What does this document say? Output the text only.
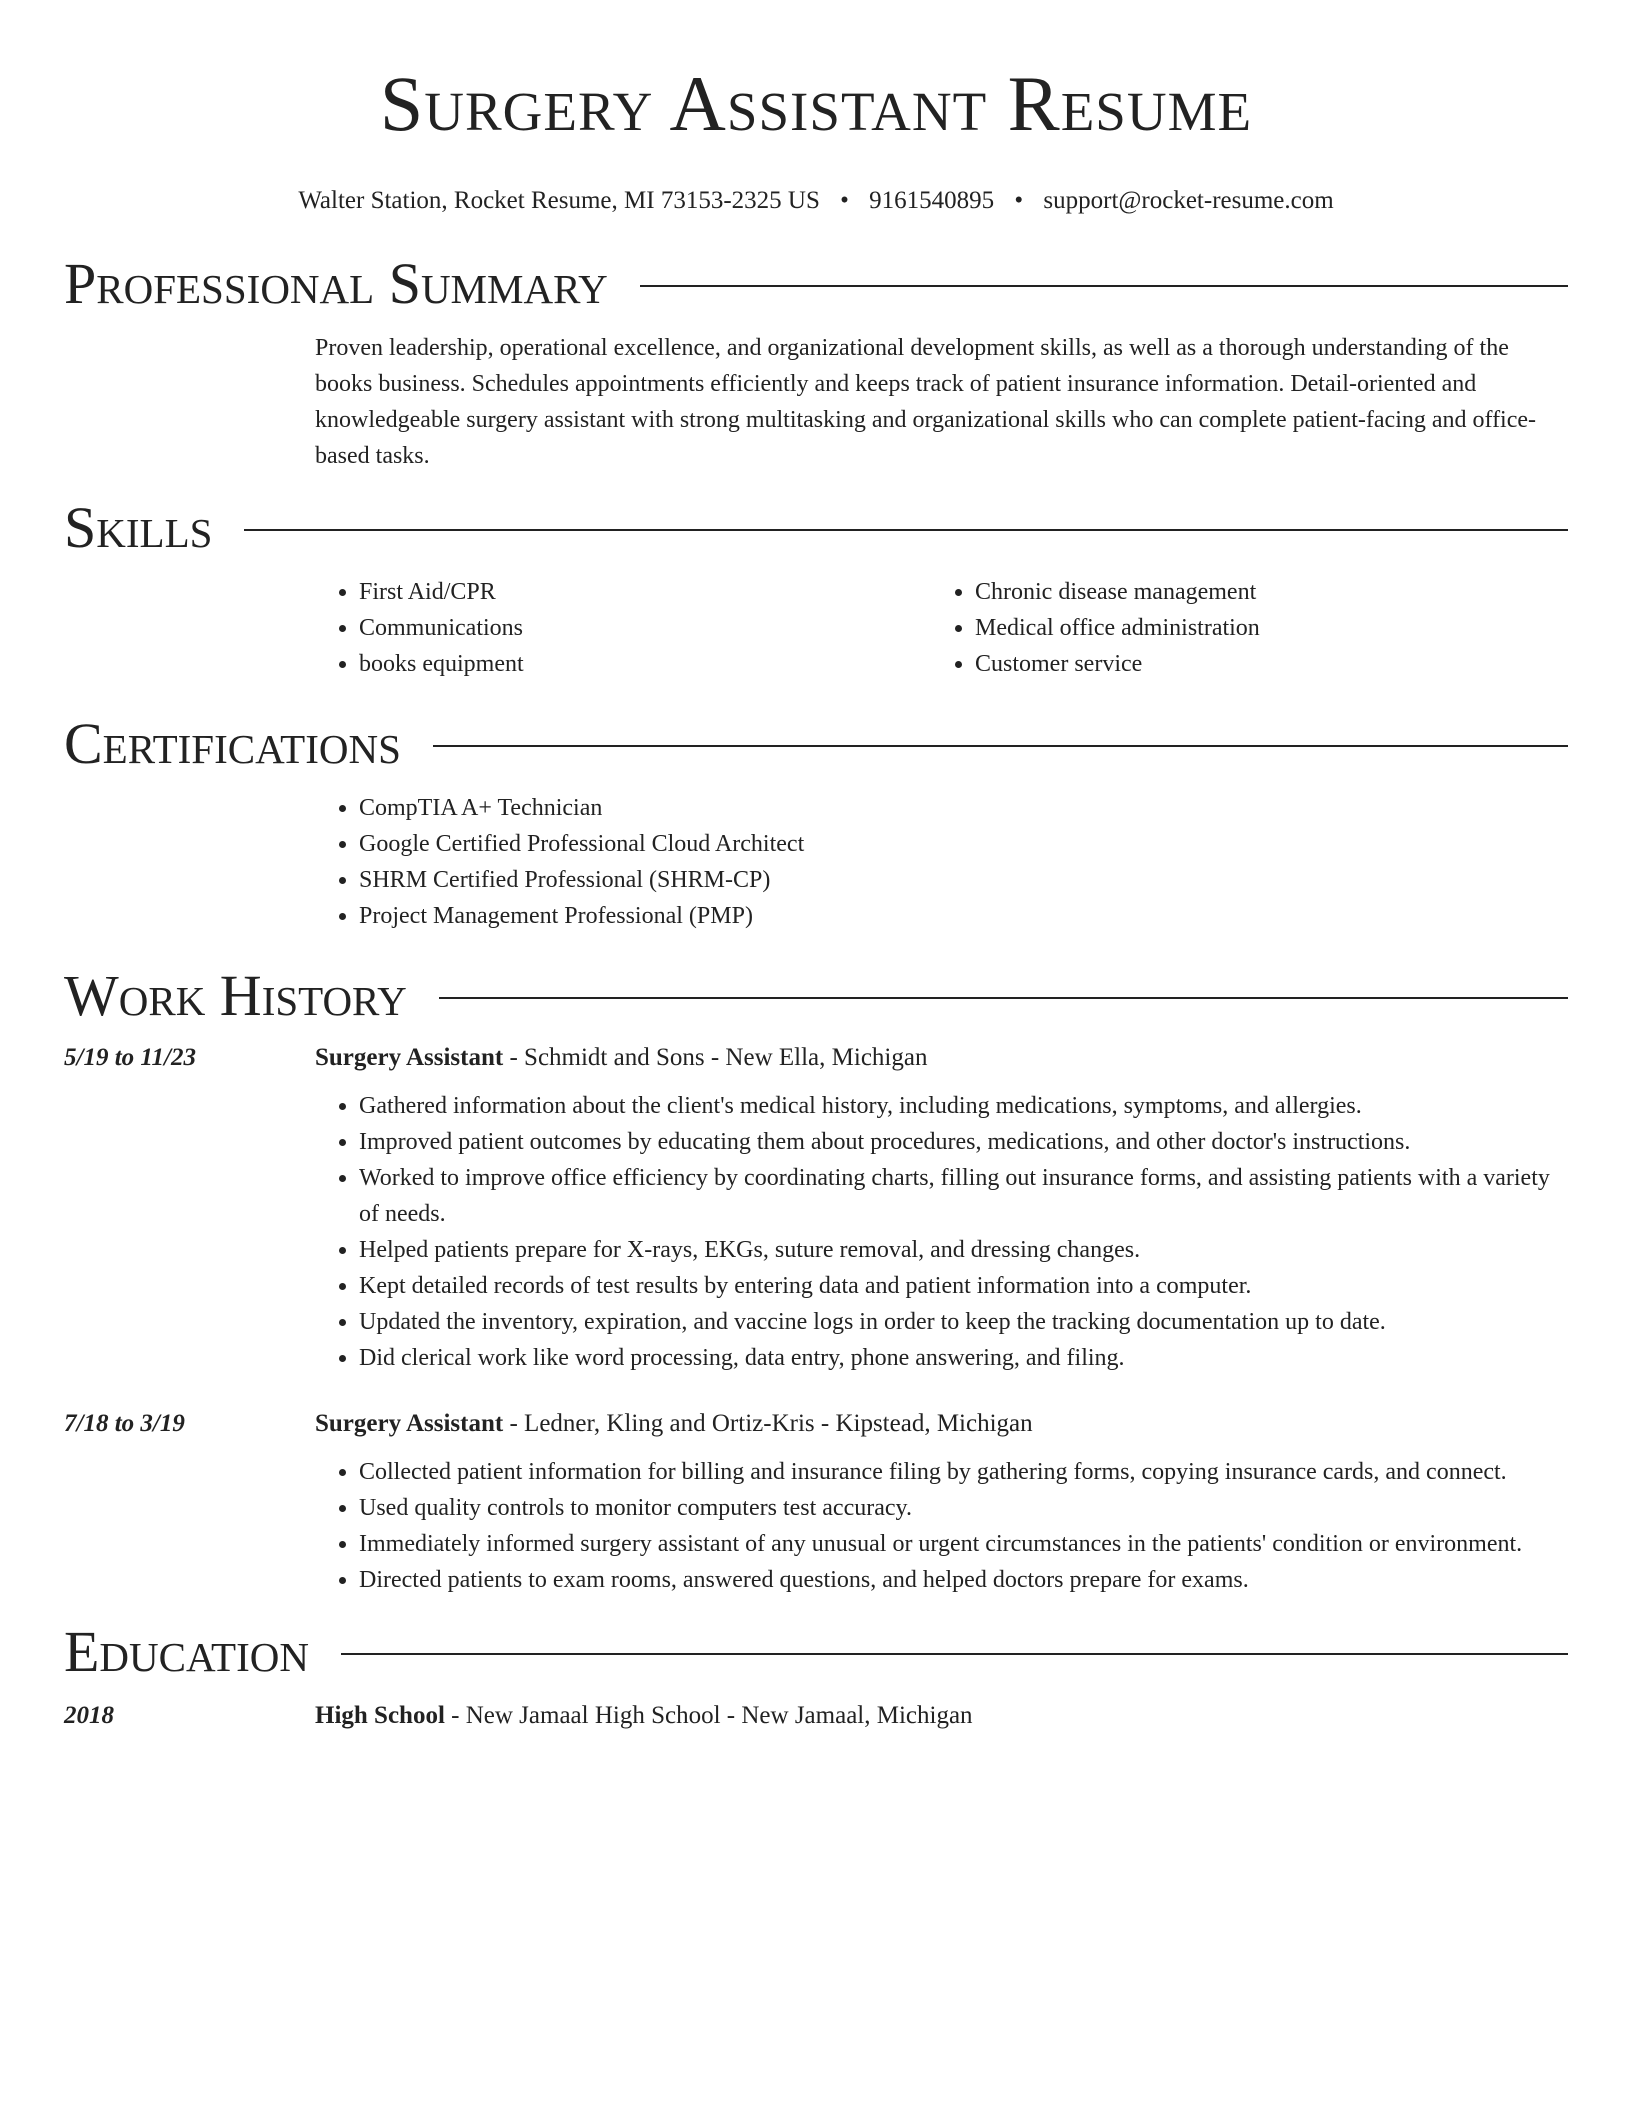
Surgery Assistant Resume
Walter Station, Rocket Resume, MI 73153-2325 US • 9161540895 • support@rocket-resume.com
Professional Summary

Proven leadership, operational excellence, and organizational development skills, as well as a thorough understanding of the books business. Schedules appointments efficiently and keeps track of patient insurance information. Detail-oriented and knowledgeable surgery assistant with strong multitasking and organizational skills who can complete patient-facing and office-based tasks.

Skills
• First Aid/CPR
• Communications
• books equipment
• Chronic disease management
• Medical office administration
• Customer service
Certifications
• CompTIA A+ Technician
• Google Certified Professional Cloud Architect
• SHRM Certified Professional (SHRM-CP)
• Project Management Professional (PMP)
Work History
5/19 to 11/23	Surgery Assistant - Schmidt and Sons - New Ella, Michigan
• Gathered information about the client's medical history, including medications, symptoms, and allergies.
• Improved patient outcomes by educating them about procedures, medications, and other doctor's instructions.
• Worked to improve office efficiency by coordinating charts, filling out insurance forms, and assisting patients with a variety of needs.
• Helped patients prepare for X-rays, EKGs, suture removal, and dressing changes.
• Kept detailed records of test results by entering data and patient information into a computer.
• Updated the inventory, expiration, and vaccine logs in order to keep the tracking documentation up to date.
• Did clerical work like word processing, data entry, phone answering, and filing.
7/18 to 3/19	Surgery Assistant - Ledner, Kling and Ortiz-Kris - Kipstead, Michigan
• Collected patient information for billing and insurance filing by gathering forms, copying insurance cards, and connect.
• Used quality controls to monitor computers test accuracy.
• Immediately informed surgery assistant of any unusual or urgent circumstances in the patients' condition or environment.
• Directed patients to exam rooms, answered questions, and helped doctors prepare for exams.
Education
2018	High School - New Jamaal High School - New Jamaal, Michigan
